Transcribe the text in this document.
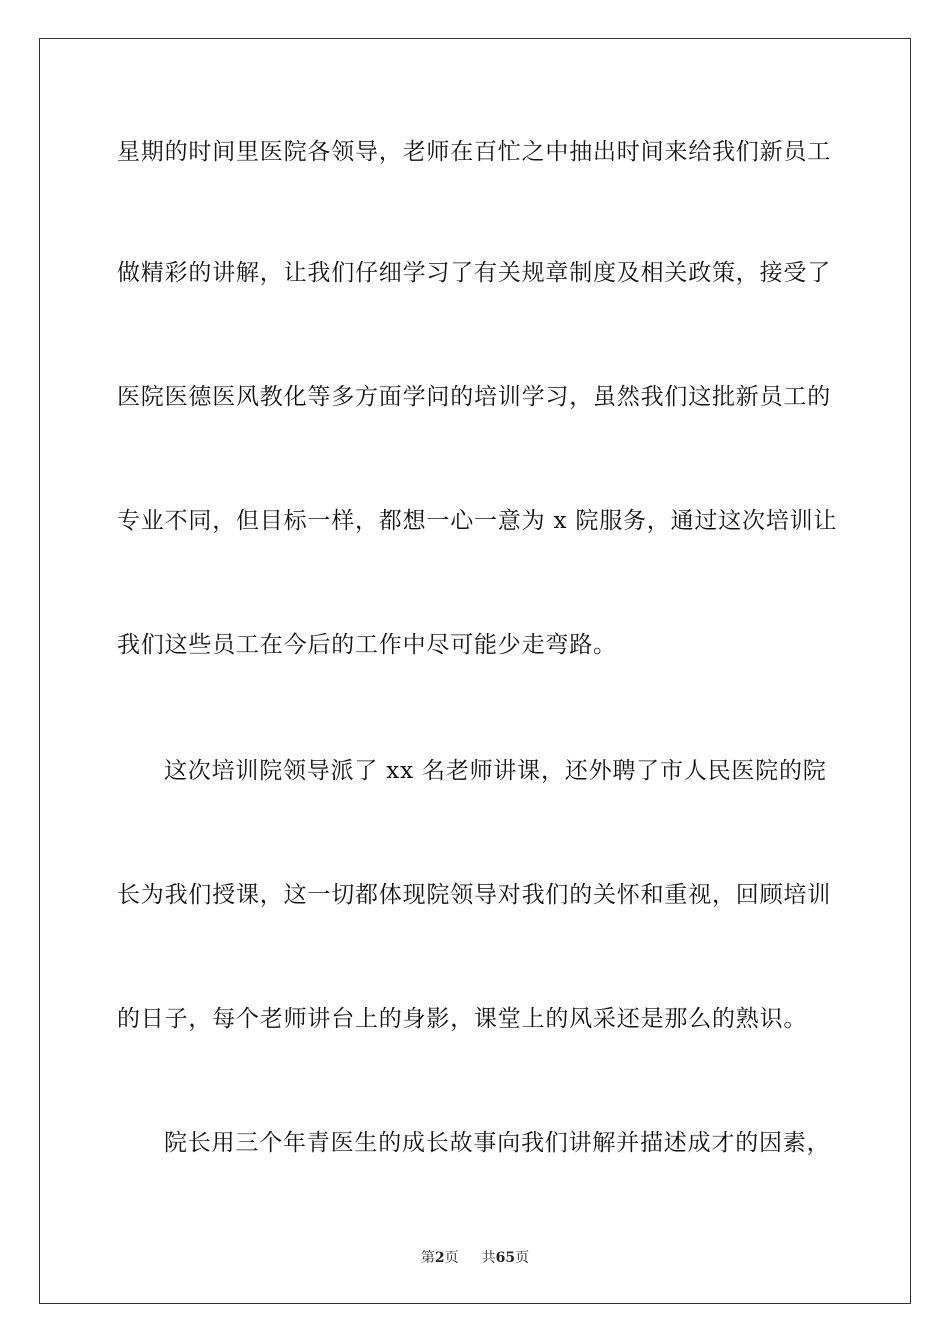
星期的时间里医院各领导，老师在百忙之中抽出时间来给我们新员工
做精彩的讲解，让我们仔细学习了有关规章制度及相关政策，接受了
医院医德医风教化等多方面学问的培训学习，虽然我们这批新员工的
专业不同，但目标一样，都想一心一意为 x 院服务，通过这次培训让
我们这些员工在今后的工作中尽可能少走弯路。
这次培训院领导派了 xx 名老师讲课，还外聘了市人民医院的院
长为我们授课，这一切都体现院领导对我们的关怀和重视，回顾培训
的日子，每个老师讲台上的身影，课堂上的风采还是那么的熟识。
院长用三个年青医生的成长故事向我们讲解并描述成才的因素，
第2页 共65页
